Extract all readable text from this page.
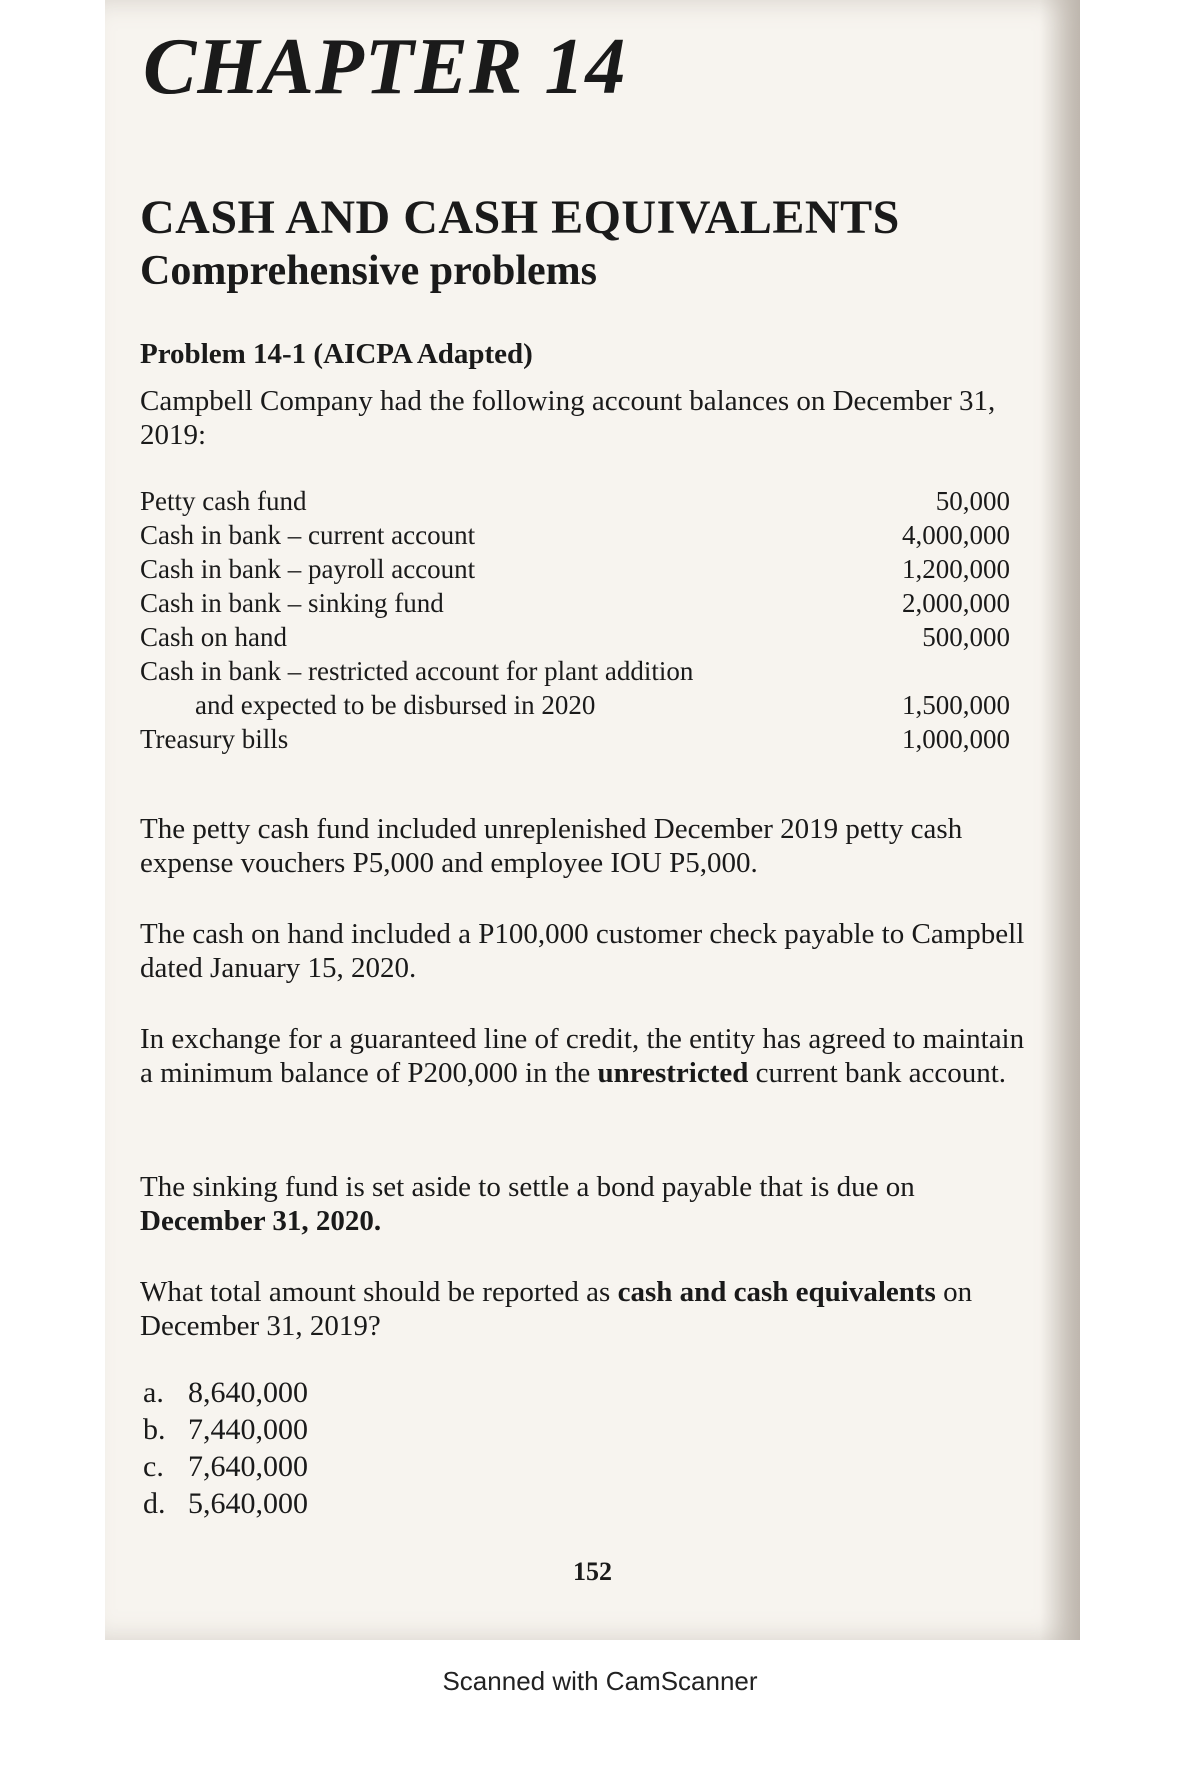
CHAPTER 14
CASH AND CASH EQUIVALENTS
Comprehensive problems

Problem 14-1 (AICPA Adapted)

Campbell Company had the following account balances on December 31, 2019:

Petty cash fund	50,000
Cash in bank – current account	4,000,000
Cash in bank – payroll account	1,200,000
Cash in bank – sinking fund	2,000,000
Cash on hand	500,000
Cash in bank – restricted account for plant addition
and expected to be disbursed in 2020	1,500,000
Treasury bills	1,000,000

The petty cash fund included unreplenished December 2019 petty cash expense vouchers P5,000 and employee IOU P5,000.

The cash on hand included a P100,000 customer check payable to Campbell dated January 15, 2020.

In exchange for a guaranteed line of credit, the entity has agreed to maintain a minimum balance of P200,000 in the unrestricted current bank account.

The sinking fund is set aside to settle a bond payable that is due on December 31, 2020.

What total amount should be reported as cash and cash equivalents on December 31, 2019?

a. 8,640,000
b. 7,440,000
c. 7,640,000
d. 5,640,000
152
Scanned with CamScanner
